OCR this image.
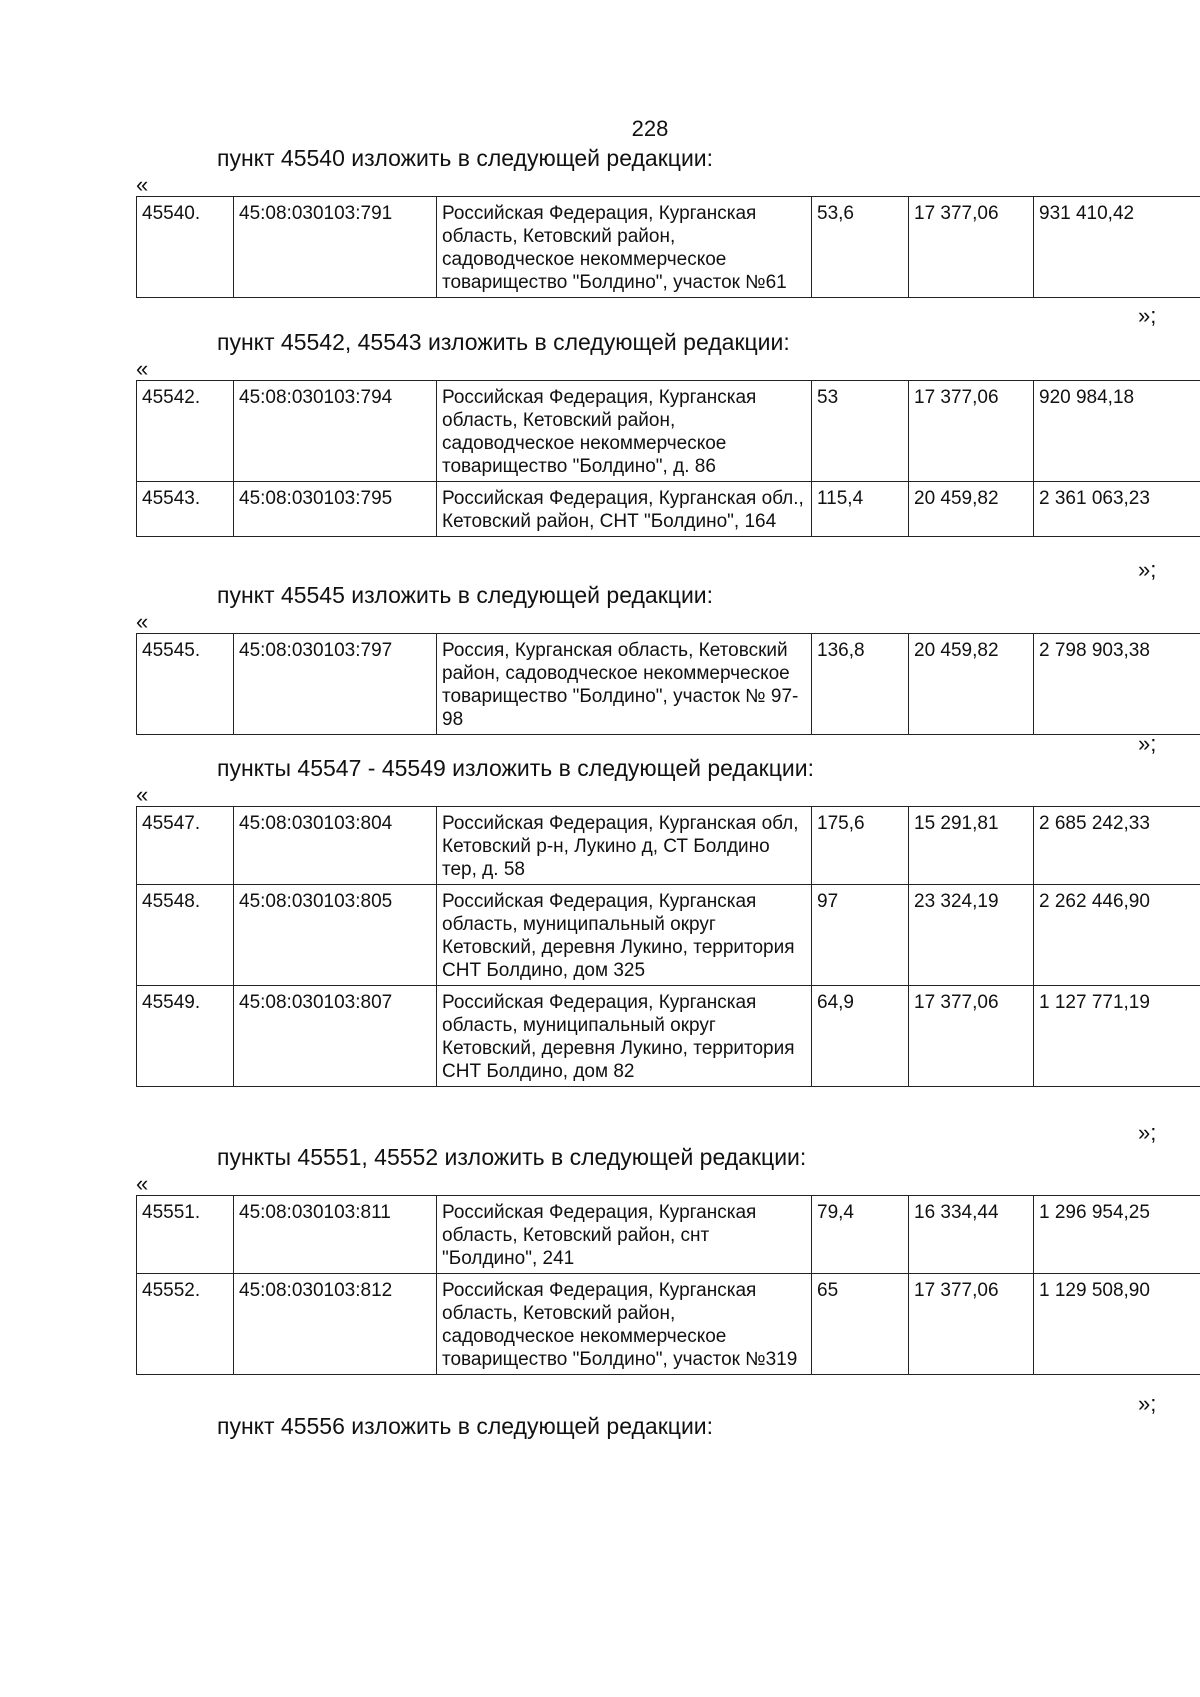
228
пункт 45540 изложить в следующей редакции:
«
45540.	45:08:030103:791	Российская Федерация, Курганская область, Кетовский район, садоводческое некоммерческое товарищество "Болдино", участок №61	53,6	17 377,06	931 410,42
»;
пункт 45542, 45543 изложить в следующей редакции:
«
45542.	45:08:030103:794	Российская Федерация, Курганская область, Кетовский район, садоводческое некоммерческое товарищество "Болдино", д. 86	53	17 377,06	920 984,18
45543.	45:08:030103:795	Российская Федерация, Курганская обл., Кетовский район, СНТ "Болдино", 164	115,4	20 459,82	2 361 063,23
»;
пункт 45545 изложить в следующей редакции:
«
45545.	45:08:030103:797	Россия, Курганская область, Кетовский район, садоводческое некоммерческое товарищество "Болдино", участок № 97-98	136,8	20 459,82	2 798 903,38
»;
пункты 45547 - 45549 изложить в следующей редакции:
«
45547.	45:08:030103:804	Российская Федерация, Курганская обл, Кетовский р-н, Лукино д, СТ Болдино тер, д. 58	175,6	15 291,81	2 685 242,33
45548.	45:08:030103:805	Российская Федерация, Курганская область, муниципальный округ Кетовский, деревня Лукино, территория СНТ Болдино, дом 325	97	23 324,19	2 262 446,90
45549.	45:08:030103:807	Российская Федерация, Курганская область, муниципальный округ Кетовский, деревня Лукино, территория СНТ Болдино, дом 82	64,9	17 377,06	1 127 771,19
»;
пункты 45551, 45552 изложить в следующей редакции:
«
45551.	45:08:030103:811	Российская Федерация, Курганская область, Кетовский район, снт "Болдино", 241	79,4	16 334,44	1 296 954,25
45552.	45:08:030103:812	Российская Федерация, Курганская область, Кетовский район, садоводческое некоммерческое товарищество "Болдино", участок №319	65	17 377,06	1 129 508,90
»;
пункт 45556 изложить в следующей редакции:
